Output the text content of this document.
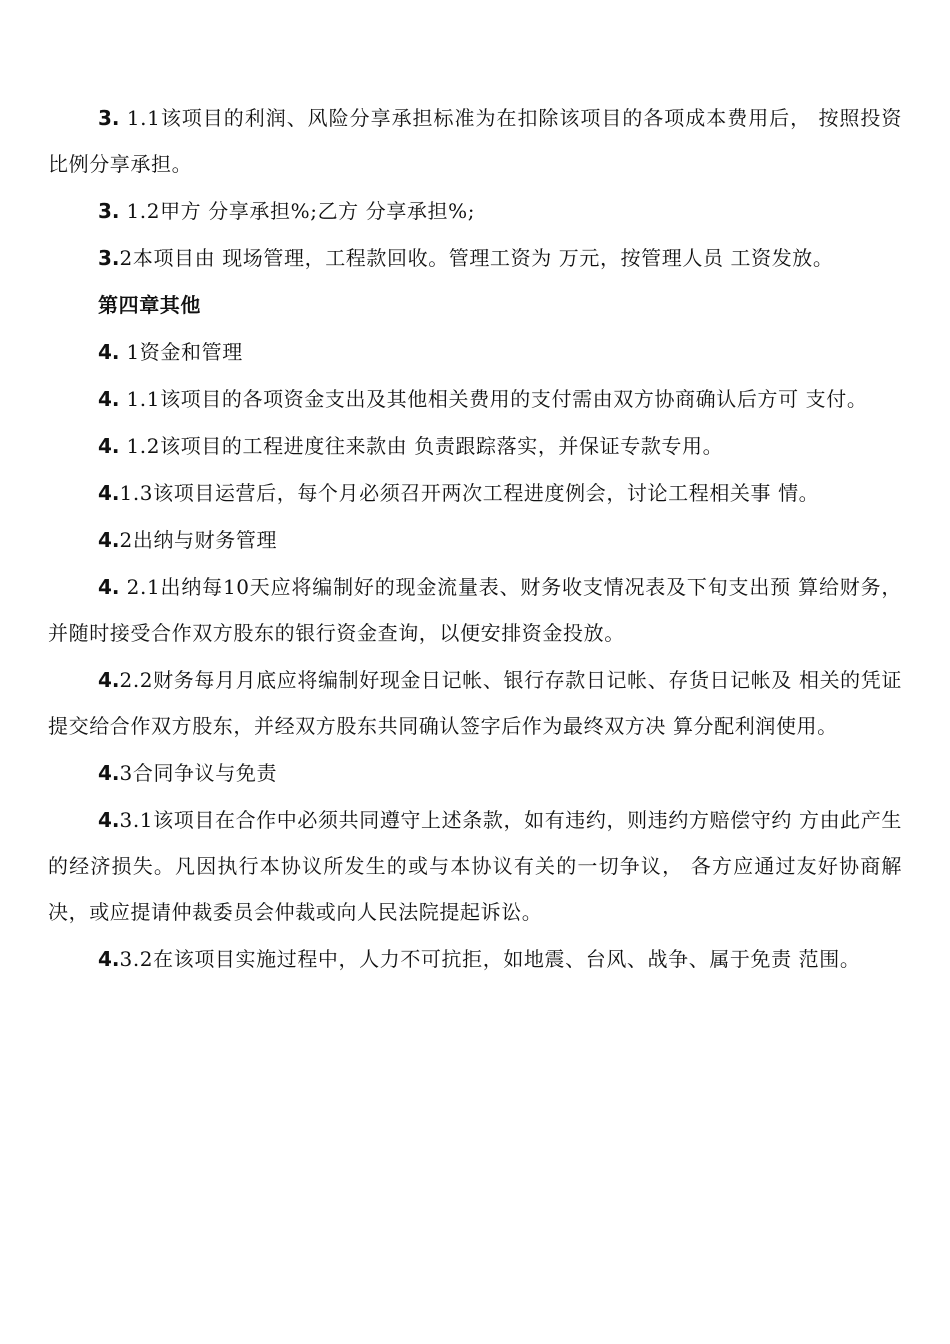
3. 1.1该项目的利润、风险分享承担标准为在扣除该项目的各项成本费用后， 按照投资比例分享承担。

3. 1.2甲方 分享承担%;乙方 分享承担%;

3.2本项目由 现场管理，工程款回收。管理工资为 万元，按管理人员 工资发放。

第四章其他

4. 1资金和管理

4. 1.1该项目的各项资金支出及其他相关费用的支付需由双方协商确认后方可 支付。

4. 1.2该项目的工程进度往来款由 负责跟踪落实，并保证专款专用。

4.1.3该项目运营后，每个月必须召开两次工程进度例会，讨论工程相关事 情。

4.2出纳与财务管理

4. 2.1出纳每10天应将编制好的现金流量表、财务收支情况表及下旬支出预 算给财务，并随时接受合作双方股东的银行资金查询，以便安排资金投放。

4.2.2财务每月月底应将编制好现金日记帐、银行存款日记帐、存货日记帐及 相关的凭证提交给合作双方股东，并经双方股东共同确认签字后作为最终双方决 算分配利润使用。

4.3合同争议与免责

4.3.1该项目在合作中必须共同遵守上述条款，如有违约，则违约方赔偿守约 方由此产生的经济损失。凡因执行本协议所发生的或与本协议有关的一切争议， 各方应通过友好协商解决，或应提请仲裁委员会仲裁或向人民法院提起诉讼。

4.3.2在该项目实施过程中，人力不可抗拒，如地震、台风、战争、属于免责 范围。
